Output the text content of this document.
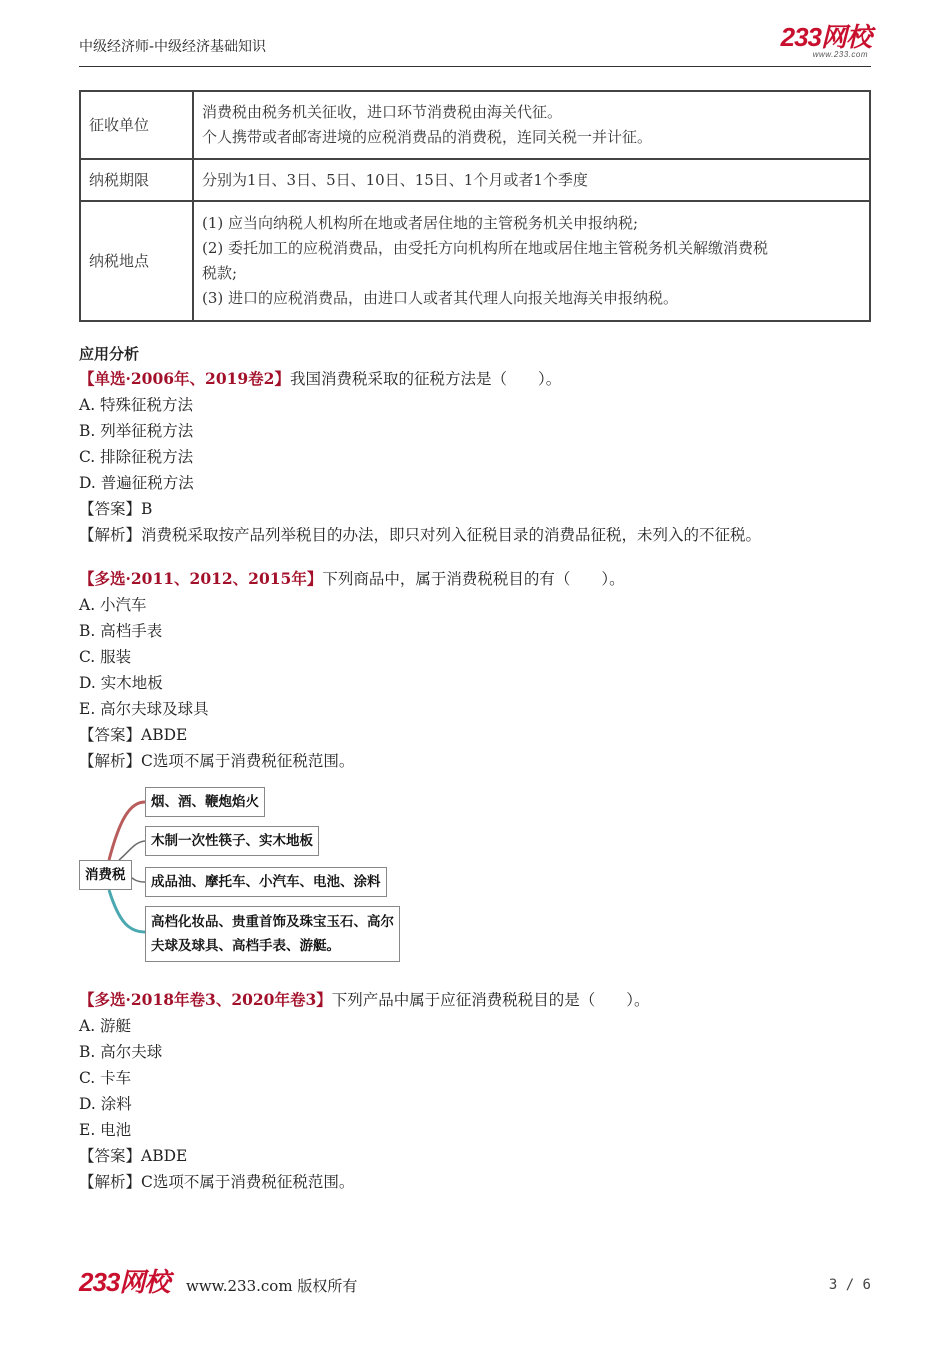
中级经济师-中级经济基础知识	233网校
www.233.com
征收单位	消费税由税务机关征收，进口环节消费税由海关代征。
个人携带或者邮寄进境的应税消费品的消费税，连同关税一并计征。

纳税期限	分别为1日、3日、5日、10日、15日、1个月或者1个季度
纳税地点	(1) 应当向纳税人机构所在地或者居住地的主管税务机关申报纳税;
(2) 委托加工的应税消费品，由受托方向机构所在地或居住地主管税务机关解缴消费税
税款;
(3) 进口的应税消费品，由进口人或者其代理人向报关地海关申报纳税。
应用分析
【单选·2006年、2019卷2】我国消费税采取的征税方法是（　　）。
A. 特殊征税方法
B. 列举征税方法
C. 排除征税方法
D. 普遍征税方法
【答案】B
【解析】消费税采取按产品列举税目的办法，即只对列入征税目录的消费品征税，未列入的不征税。
【多选·2011、2012、2015年】下列商品中，属于消费税税目的有（　　）。
A. 小汽车
B. 高档手表
C. 服装
D. 实木地板
E. 高尔夫球及球具
【答案】ABDE
【解析】C选项不属于消费税征税范围。
消费税
烟、酒、鞭炮焰火
木制一次性筷子、实木地板
成品油、摩托车、小汽车、电池、涂料
高档化妆品、贵重首饰及珠宝玉石、高尔
夫球及球具、高档手表、游艇。
【多选·2018年卷3、2020年卷3】下列产品中属于应征消费税税目的是（　　）。
A. 游艇
B. 高尔夫球
C. 卡车
D. 涂料
E. 电池
【答案】ABDE
【解析】C选项不属于消费税征税范围。
233网校 www.233.com 版权所有	3 / 6
